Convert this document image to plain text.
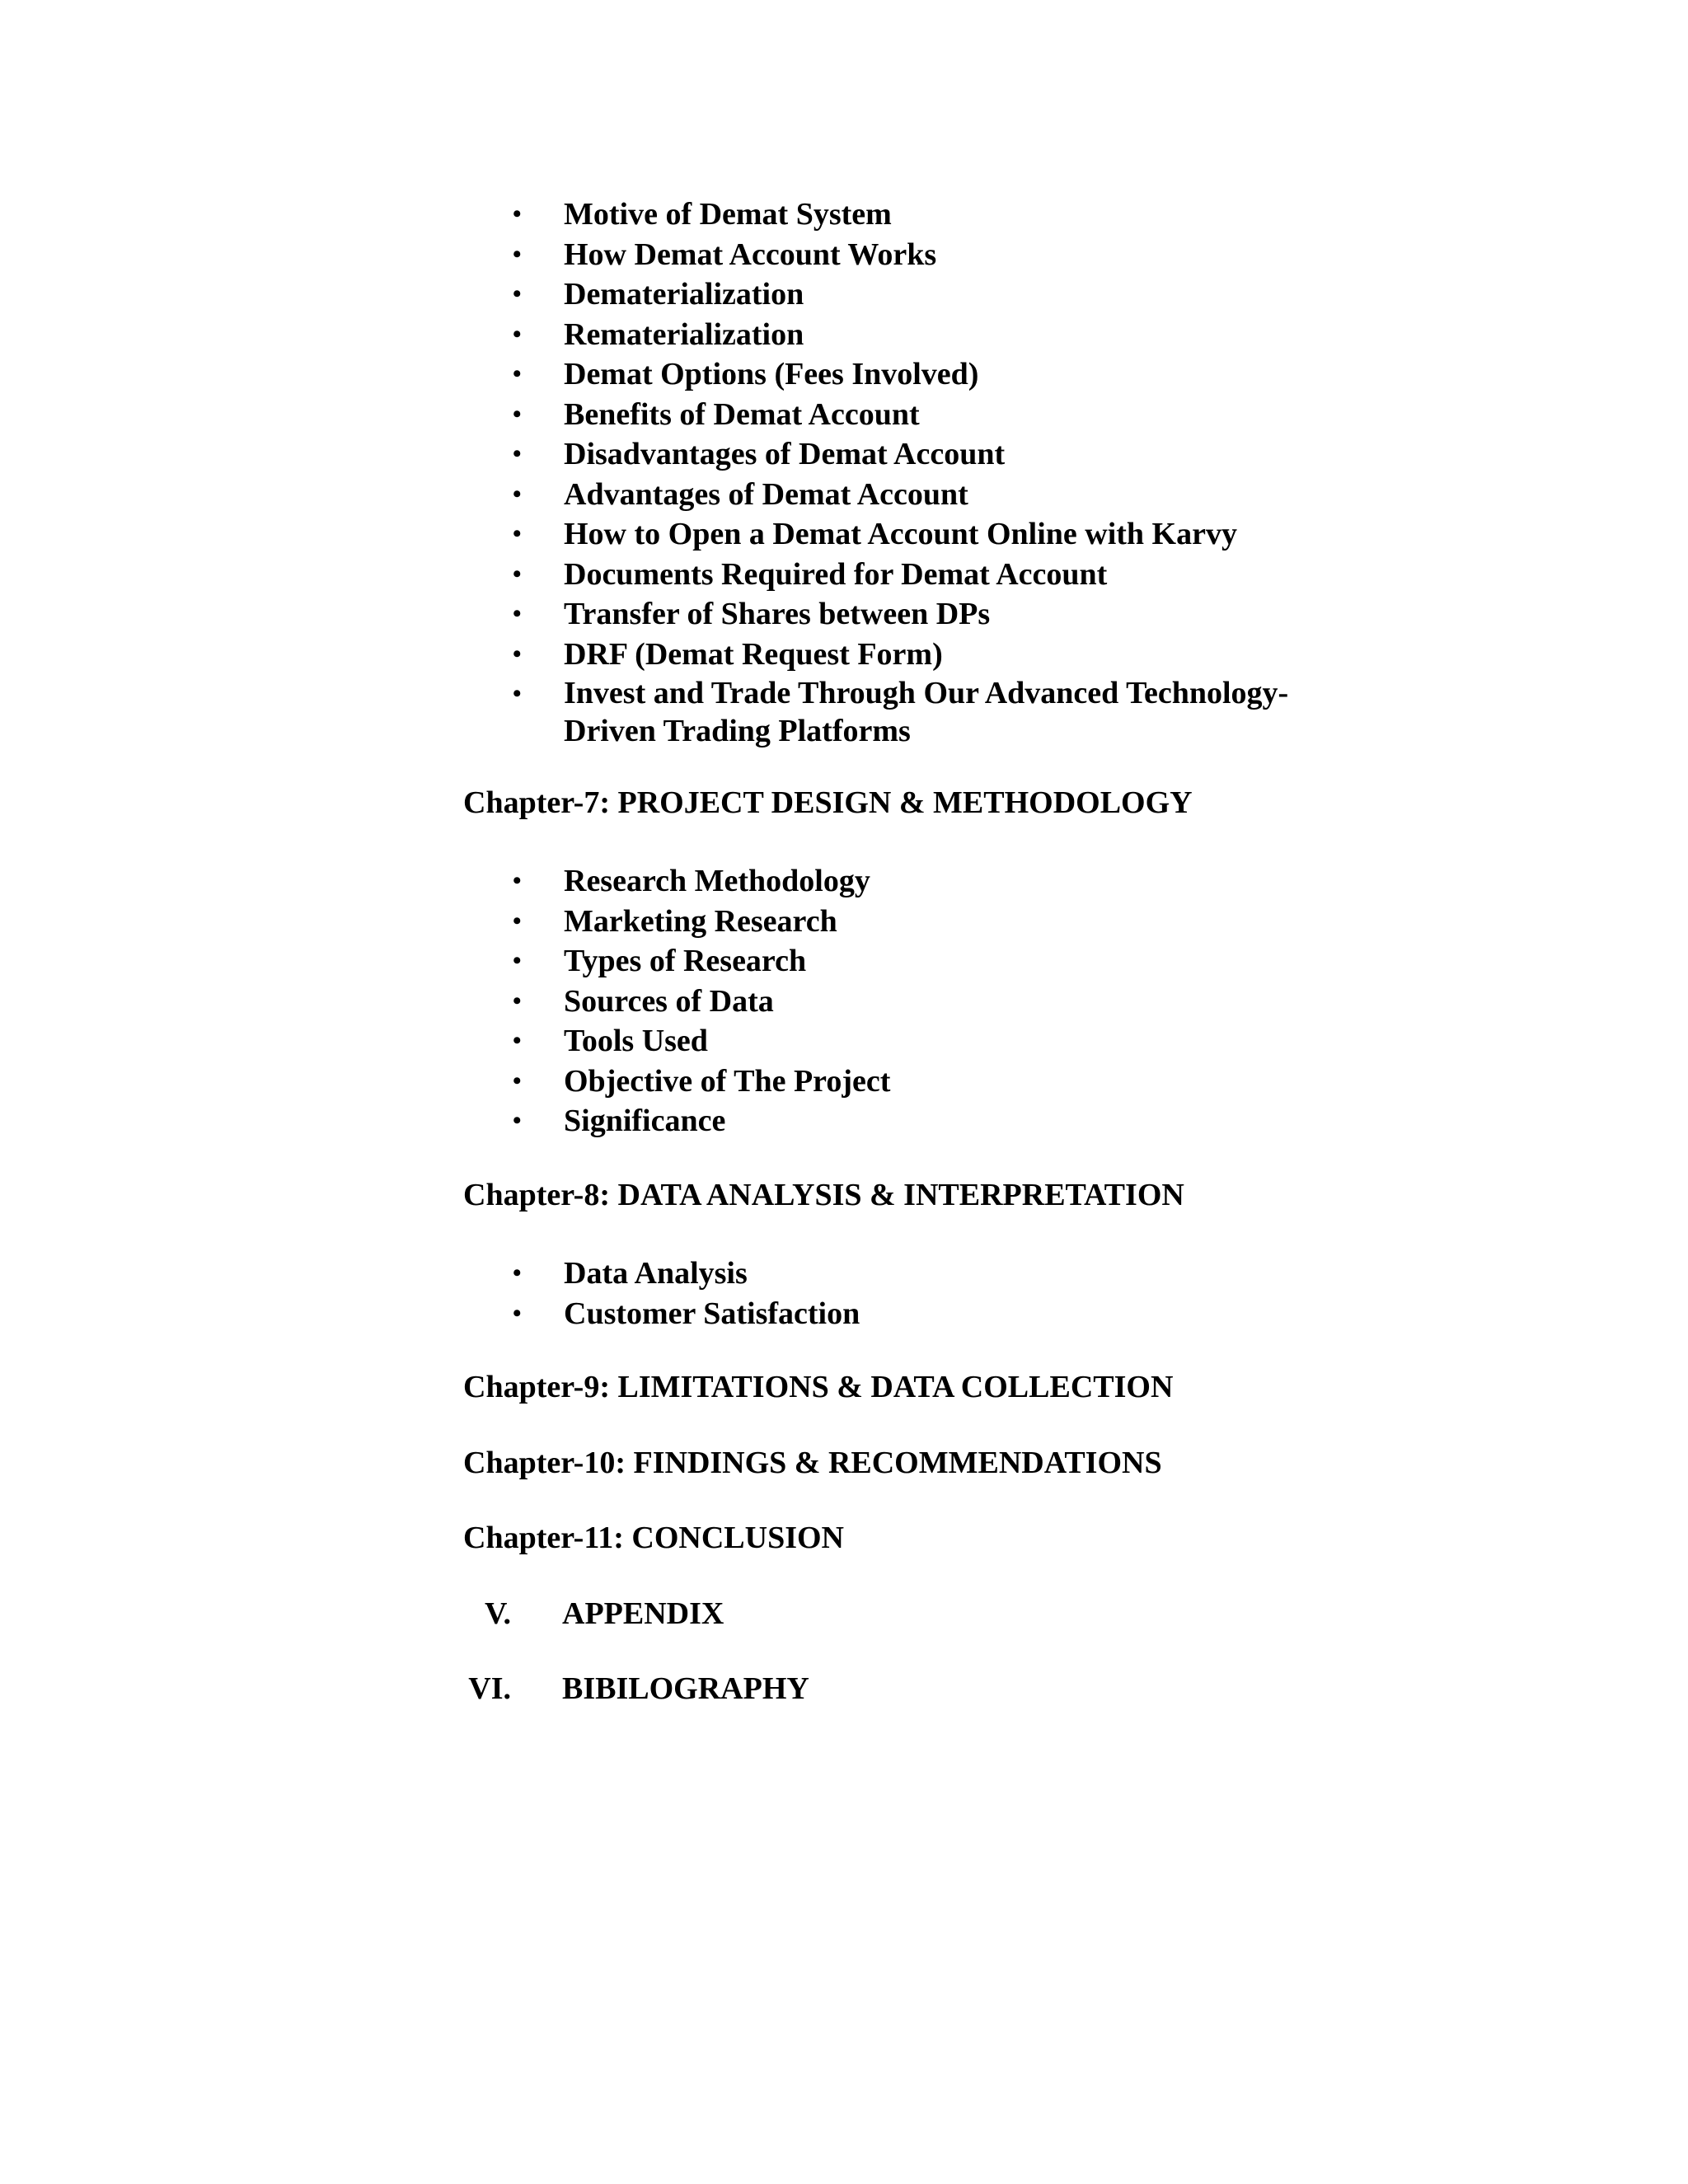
•	Motive of Demat System
•	How Demat Account Works
•	Dematerialization
•	Rematerialization
•	Demat Options (Fees Involved)
•	Benefits of Demat Account
•	Disadvantages of Demat Account
•	Advantages of Demat Account
•	How to Open a Demat Account Online with Karvy
•	Documents Required for Demat Account
•	Transfer of Shares between DPs
•	DRF (Demat Request Form)
•	Invest and Trade Through Our Advanced Technology-
Driven Trading Platforms
Chapter-7: PROJECT DESIGN & METHODOLOGY
•	Research Methodology
•	Marketing Research
•	Types of Research
•	Sources of Data
•	Tools Used
•	Objective of The Project
•	Significance
Chapter-8: DATA ANALYSIS & INTERPRETATION
•	Data Analysis
•	Customer Satisfaction
Chapter-9: LIMITATIONS & DATA COLLECTION
Chapter-10: FINDINGS & RECOMMENDATIONS
Chapter-11: CONCLUSION
V. APPENDIX
VI. BIBILOGRAPHY
